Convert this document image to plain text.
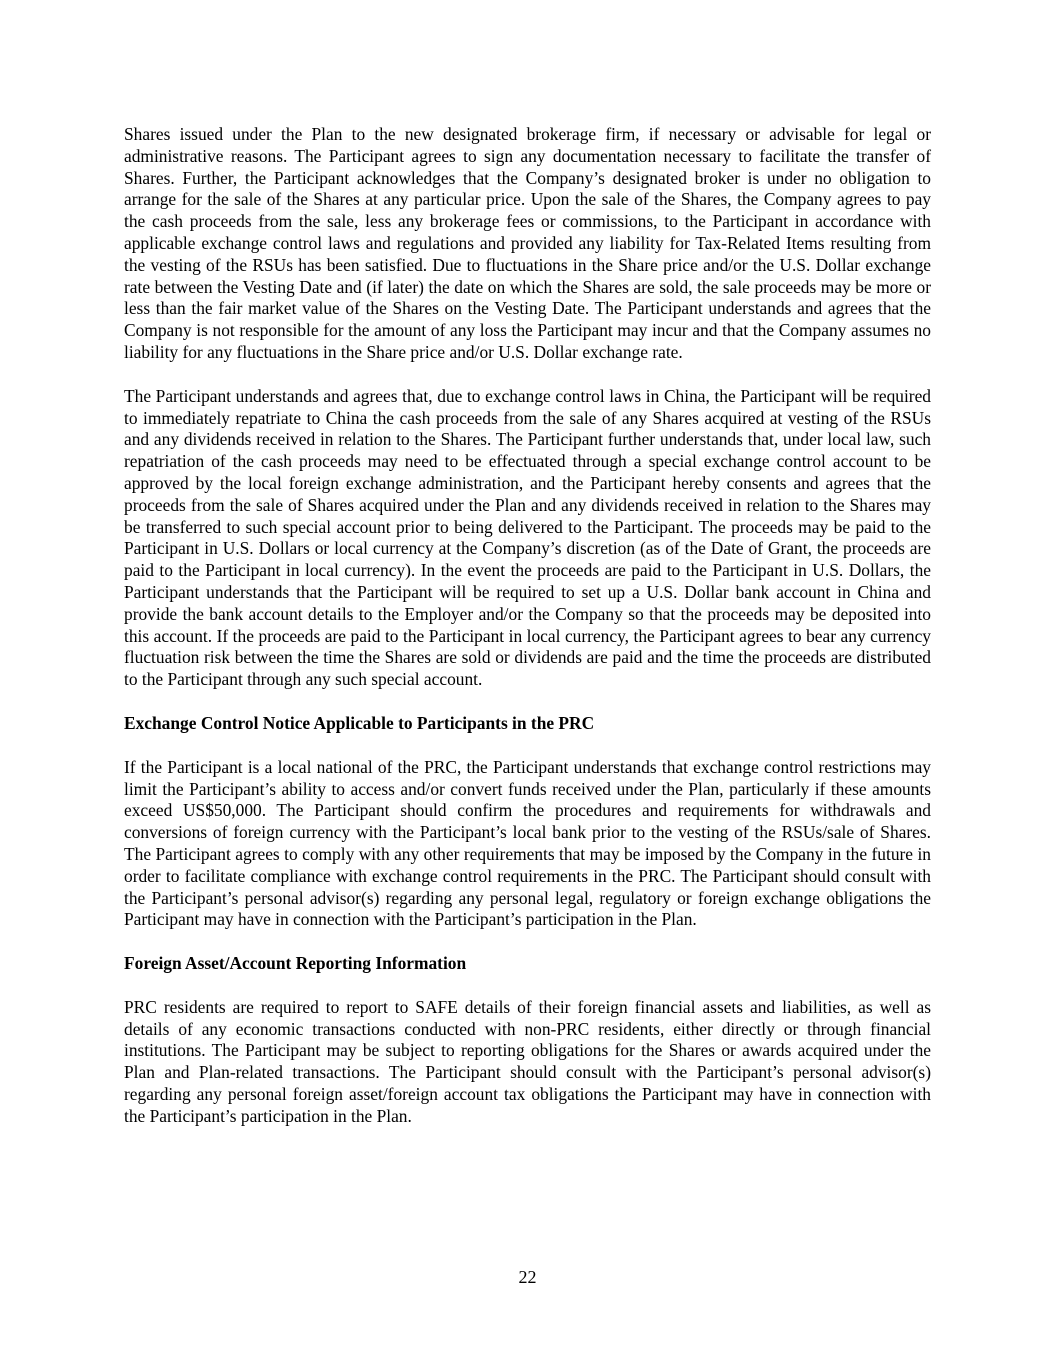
Shares issued under the Plan to the new designated brokerage firm, if necessary or advisable for legal or administrative reasons. The Participant agrees to sign any documentation necessary to facilitate the transfer of Shares. Further, the Participant acknowledges that the Company’s designated broker is under no obligation to arrange for the sale of the Shares at any particular price. Upon the sale of the Shares, the Company agrees to pay the cash proceeds from the sale, less any brokerage fees or commissions, to the Participant in accordance with applicable exchange control laws and regulations and provided any liability for Tax-Related Items resulting from the vesting of the RSUs has been satisfied. Due to fluctuations in the Share price and/or the U.S. Dollar exchange rate between the Vesting Date and (if later) the date on which the Shares are sold, the sale proceeds may be more or less than the fair market value of the Shares on the Vesting Date. The Participant understands and agrees that the Company is not responsible for the amount of any loss the Participant may incur and that the Company assumes no liability for any fluctuations in the Share price and/or U.S. Dollar exchange rate.

The Participant understands and agrees that, due to exchange control laws in China, the Participant will be required to immediately repatriate to China the cash proceeds from the sale of any Shares acquired at vesting of the RSUs and any dividends received in relation to the Shares. The Participant further understands that, under local law, such repatriation of the cash proceeds may need to be effectuated through a special exchange control account to be approved by the local foreign exchange administration, and the Participant hereby consents and agrees that the proceeds from the sale of Shares acquired under the Plan and any dividends received in relation to the Shares may be transferred to such special account prior to being delivered to the Participant. The proceeds may be paid to the Participant in U.S. Dollars or local currency at the Company’s discretion (as of the Date of Grant, the proceeds are paid to the Participant in local currency). In the event the proceeds are paid to the Participant in U.S. Dollars, the Participant understands that the Participant will be required to set up a U.S. Dollar bank account in China and provide the bank account details to the Employer and/or the Company so that the proceeds may be deposited into this account. If the proceeds are paid to the Participant in local currency, the Participant agrees to bear any currency fluctuation risk between the time the Shares are sold or dividends are paid and the time the proceeds are distributed to the Participant through any such special account.

Exchange Control Notice Applicable to Participants in the PRC

If the Participant is a local national of the PRC, the Participant understands that exchange control restrictions may limit the Participant’s ability to access and/or convert funds received under the Plan, particularly if these amounts exceed US$50,000. The Participant should confirm the procedures and requirements for withdrawals and conversions of foreign currency with the Participant’s local bank prior to the vesting of the RSUs/sale of Shares. The Participant agrees to comply with any other requirements that may be imposed by the Company in the future in order to facilitate compliance with exchange control requirements in the PRC. The Participant should consult with the Participant’s personal advisor(s) regarding any personal legal, regulatory or foreign exchange obligations the Participant may have in connection with the Participant’s participation in the Plan.

Foreign Asset/Account Reporting Information

PRC residents are required to report to SAFE details of their foreign financial assets and liabilities, as well as details of any economic transactions conducted with non-PRC residents, either directly or through financial institutions. The Participant may be subject to reporting obligations for the Shares or awards acquired under the Plan and Plan-related transactions. The Participant should consult with the Participant’s personal advisor(s) regarding any personal foreign asset/foreign account tax obligations the Participant may have in connection with the Participant’s participation in the Plan.

22
